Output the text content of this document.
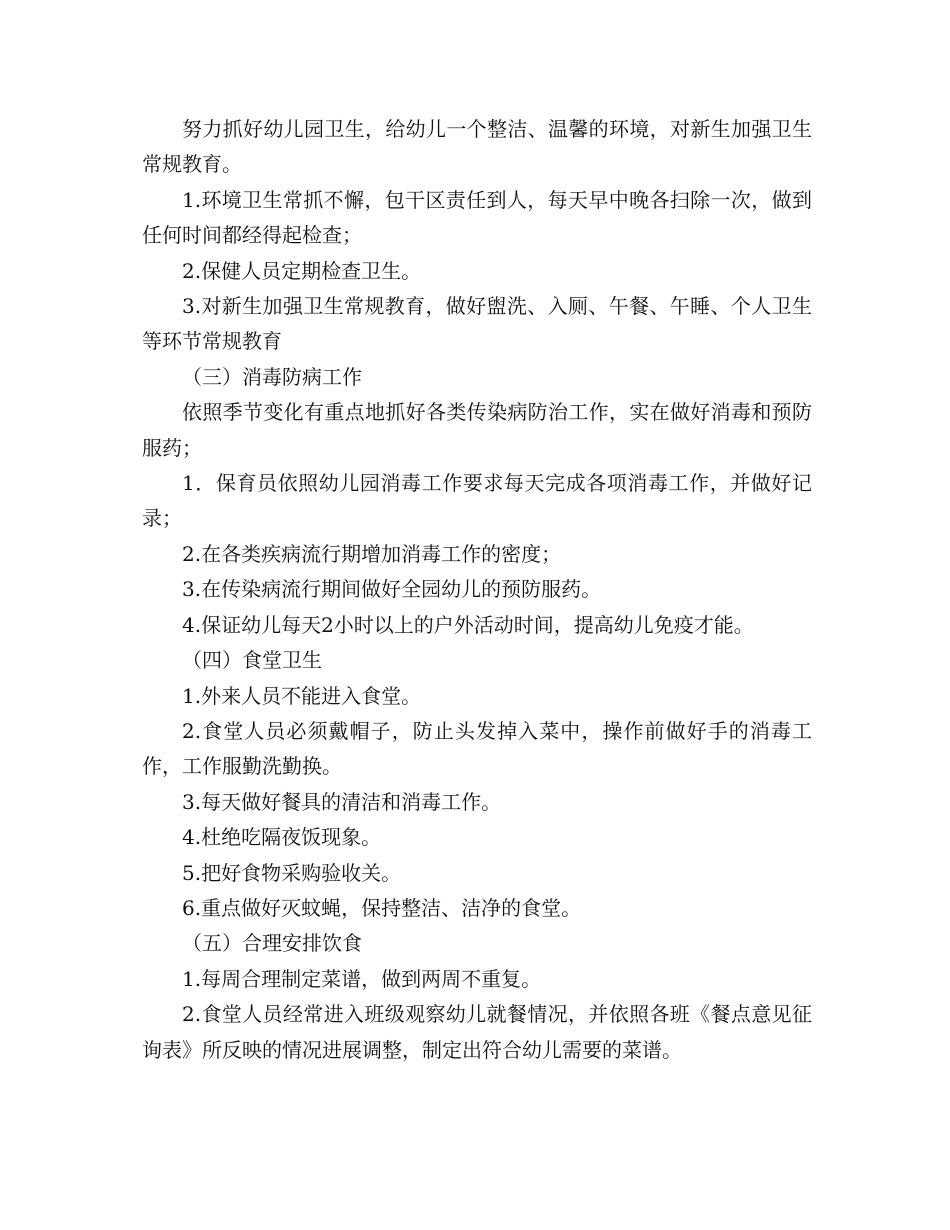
努力抓好幼儿园卫生，给幼儿一个整洁、温馨的环境，对新生加强卫生常规教育。

1.环境卫生常抓不懈，包干区责任到人，每天早中晚各扫除一次，做到任何时间都经得起检查；

2.保健人员定期检查卫生。

3.对新生加强卫生常规教育，做好盥洗、入厕、午餐、午睡、个人卫生等环节常规教育

（三）消毒防病工作

依照季节变化有重点地抓好各类传染病防治工作，实在做好消毒和预防服药；

1．保育员依照幼儿园消毒工作要求每天完成各项消毒工作，并做好记录；

2.在各类疾病流行期增加消毒工作的密度；

3.在传染病流行期间做好全园幼儿的预防服药。

4.保证幼儿每天2小时以上的户外活动时间，提高幼儿免疫才能。

（四）食堂卫生

1.外来人员不能进入食堂。

2.食堂人员必须戴帽子，防止头发掉入菜中，操作前做好手的消毒工作，工作服勤洗勤换。

3.每天做好餐具的清洁和消毒工作。

4.杜绝吃隔夜饭现象。

5.把好食物采购验收关。

6.重点做好灭蚊蝇，保持整洁、洁净的食堂。

（五）合理安排饮食

1.每周合理制定菜谱，做到两周不重复。

2.食堂人员经常进入班级观察幼儿就餐情况，并依照各班《餐点意见征询表》所反映的情况进展调整，制定出符合幼儿需要的菜谱。
